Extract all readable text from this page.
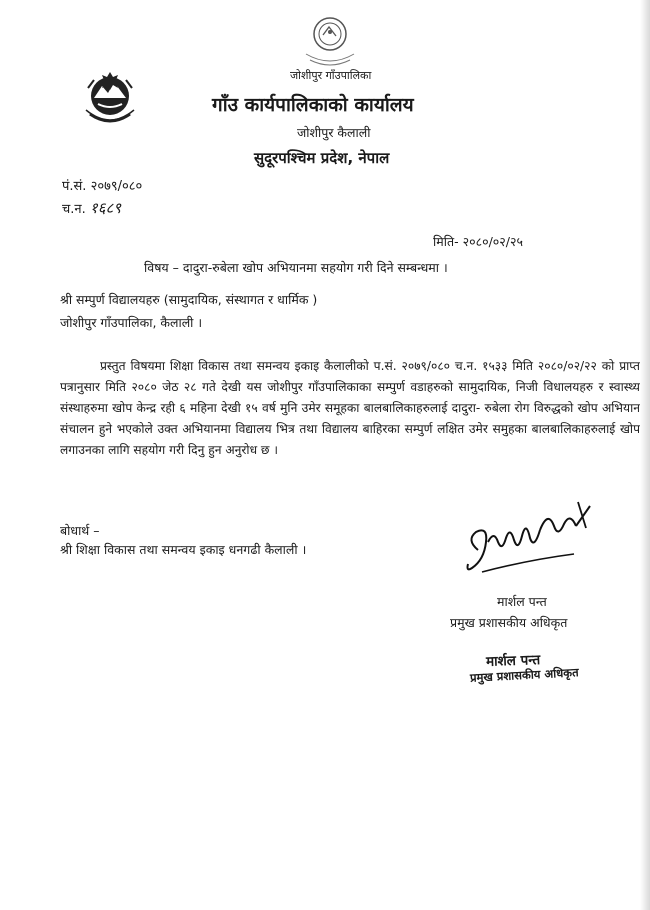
जोशीपुर गाँउपालिका
गाँउ कार्यपालिकाको कार्यालय
जोशीपुर कैलाली
सुदूरपश्चिम प्रदेश, नेपाल
पं.सं. २०७९/०८०
च.न. १६८९
मिति- २०८०/०२/२५
विषय – दादुरा-रुबेला खोप अभियानमा सहयोग गरी दिने सम्बन्धमा ।
श्री सम्पुर्ण विद्यालयहरु (सामुदायिक, संस्थागत र धार्मिक )
जोशीपुर गाँउपालिका, कैलाली ।
प्रस्तुत विषयमा शिक्षा विकास तथा समन्वय इकाइ कैलालीको प.सं. २०७९/०८० च.न. १५३३ मिति २०८०/०२/२२ को प्राप्त पत्रानुसार मिति २०८० जेठ २८ गते देखी यस जोशीपुर गाँउपालिकाका सम्पुर्ण वडाहरुको सामुदायिक, निजी विधालयहरु र स्वास्थ्य संस्थाहरुमा खोप केन्द्र रही ६ महिना देखी १५ वर्ष मुनि उमेर समूहका बालबालिकाहरुलाई दादुरा- रुबेला रोग विरुद्धको खोप अभियान संचालन हुने भएकोले उक्त अभियानमा विद्यालय भित्र तथा विद्यालय बाहिरका सम्पुर्ण लक्षित उमेर समुहका बालबालिकाहरुलाई खोप लगाउनका लागि सहयोग गरी दिनु हुन अनुरोध छ ।
बोधार्थ –
श्री शिक्षा विकास तथा समन्वय इकाइ धनगढी कैलाली ।
मार्शल पन्त
प्रमुख प्रशासकीय अधिकृत
मार्शल पन्त
प्रमुख प्रशासकीय अधिकृत
